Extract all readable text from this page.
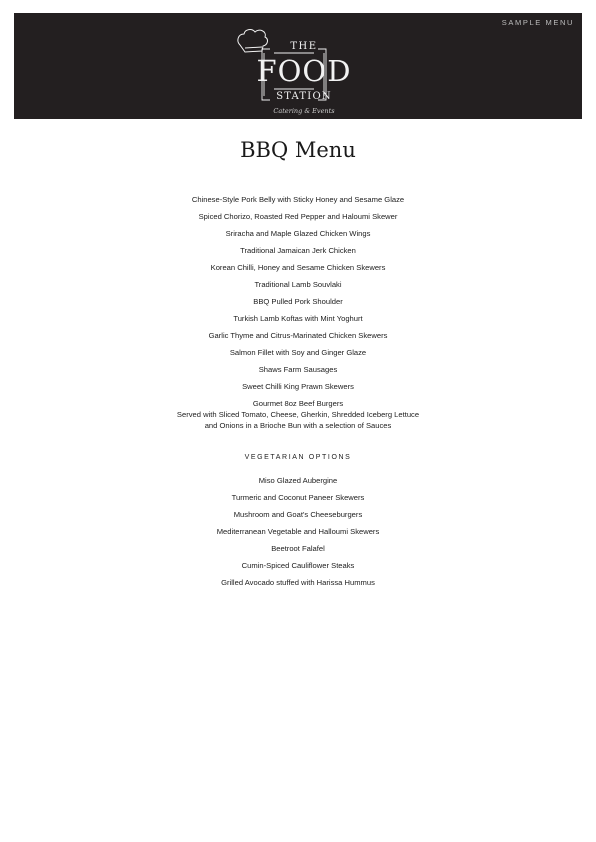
SAMPLE MENU
THE
FOOD
STATION
Catering & Events
BBQ Menu
Chinese-Style Pork Belly with Sticky Honey and Sesame Glaze
Spiced Chorizo, Roasted Red Pepper and Haloumi Skewer
Sriracha and Maple Glazed Chicken Wings
Traditional Jamaican Jerk Chicken
Korean Chilli, Honey and Sesame Chicken Skewers
Traditional Lamb Souvlaki
BBQ Pulled Pork Shoulder
Turkish Lamb Koftas with Mint Yoghurt
Garlic Thyme and Citrus-Marinated Chicken Skewers
Salmon Fillet with Soy and Ginger Glaze
Shaws Farm Sausages
Sweet Chilli King Prawn Skewers
Gourmet 8oz Beef Burgers
Served with Sliced Tomato, Cheese, Gherkin, Shredded Iceberg Lettuce
and Onions in a Brioche Bun with a selection of Sauces
VEGETARIAN OPTIONS
Miso Glazed Aubergine
Turmeric and Coconut Paneer Skewers
Mushroom and Goat's Cheeseburgers
Mediterranean Vegetable and Halloumi Skewers
Beetroot Falafel
Cumin-Spiced Cauliflower Steaks
Grilled Avocado stuffed with Harissa Hummus
